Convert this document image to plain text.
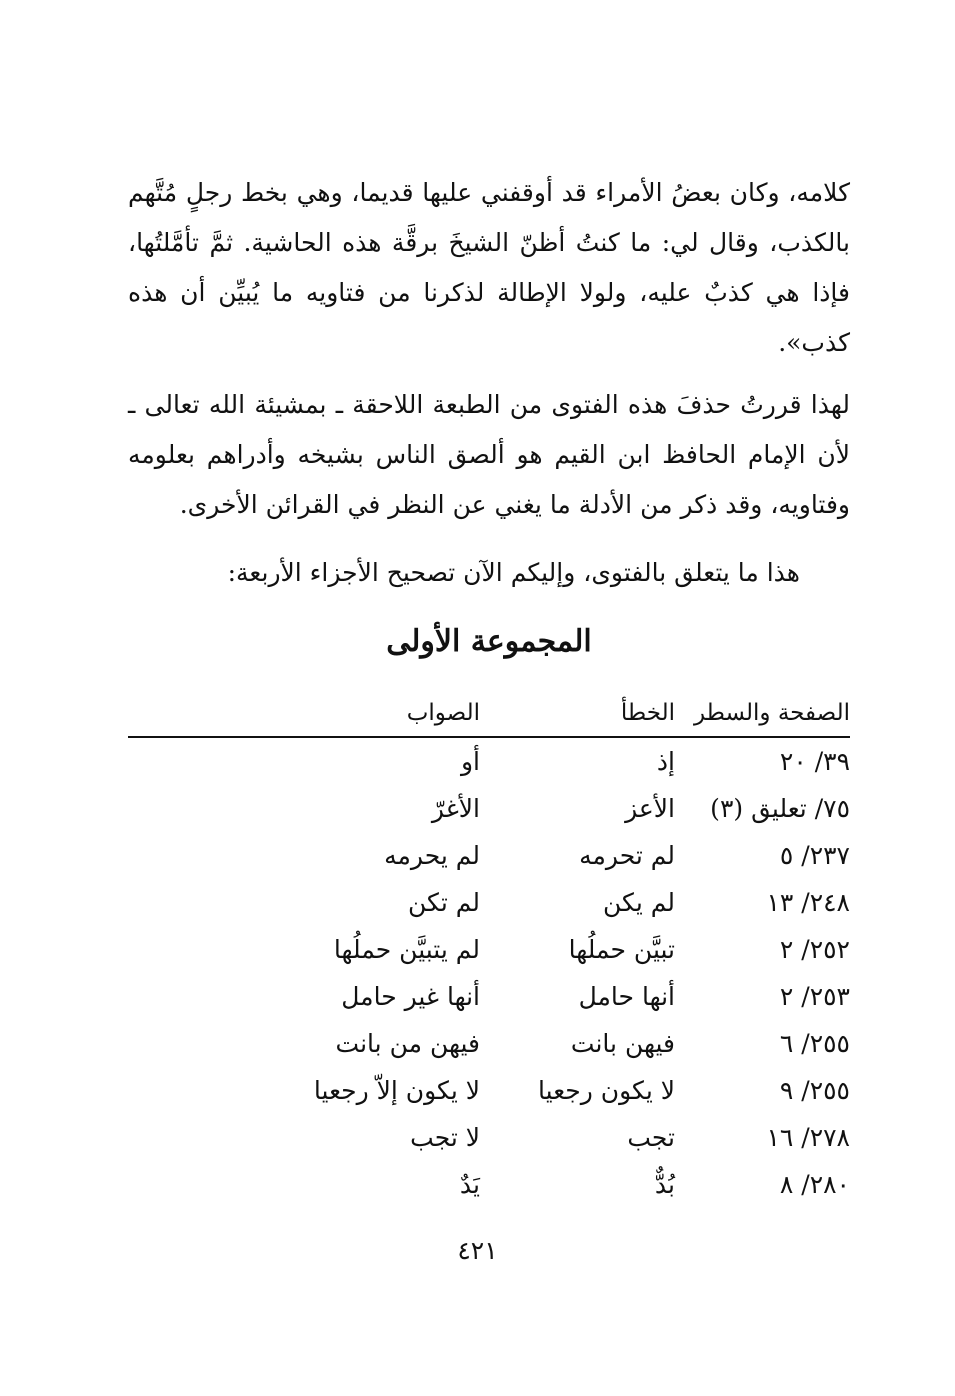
كلامه، وكان بعضُ الأمراء قد أوقفني عليها قديما، وهي بخط رجلٍ مُتَّهم بالكذب، وقال لي: ما كنتُ أظنّ الشيخَ برقَّة هذه الحاشية. ثمَّ تأمَّلتُها، فإذا هي كذبٌ عليه، ولولا الإطالة لذكرنا من فتاويه ما يُبيِّن أن هذه كذب».

لهذا قررتُ حذفَ هذه الفتوى من الطبعة اللاحقة ـ بمشيئة الله تعالى ـ لأن الإمام الحافظ ابن القيم هو ألصق الناس بشيخه وأدراهم بعلومه وفتاويه، وقد ذكر من الأدلة ما يغني عن النظر في القرائن الأخرى.

هذا ما يتعلق بالفتوى، وإليكم الآن تصحيح الأجزاء الأربعة:

المجموعة الأولى
الصفحة والسطر
الخطأ
الصواب
٣٩/ ٢٠
إذ
أو
٧٥/ تعليق (٣)
الأعز
الأغرّ
٢٣٧/ ٥
لم تحرمه
لم يحرمه
٢٤٨/ ١٣
لم يكن
لم تكن
٢٥٢/ ٢
تبيَّن حملُها
لم يتبيَّن حملُها
٢٥٣/ ٢
أنها حامل
أنها غير حامل
٢٥٥/ ٦
فيهن بانت
فيهن من بانت
٢٥٥/ ٩
لا يكون رجعيا
لا يكون إلاّ رجعيا
٢٧٨/ ١٦
تجب
لا تجب
٢٨٠/ ٨
بُدٌّ
يَدٌ
٤٢١
